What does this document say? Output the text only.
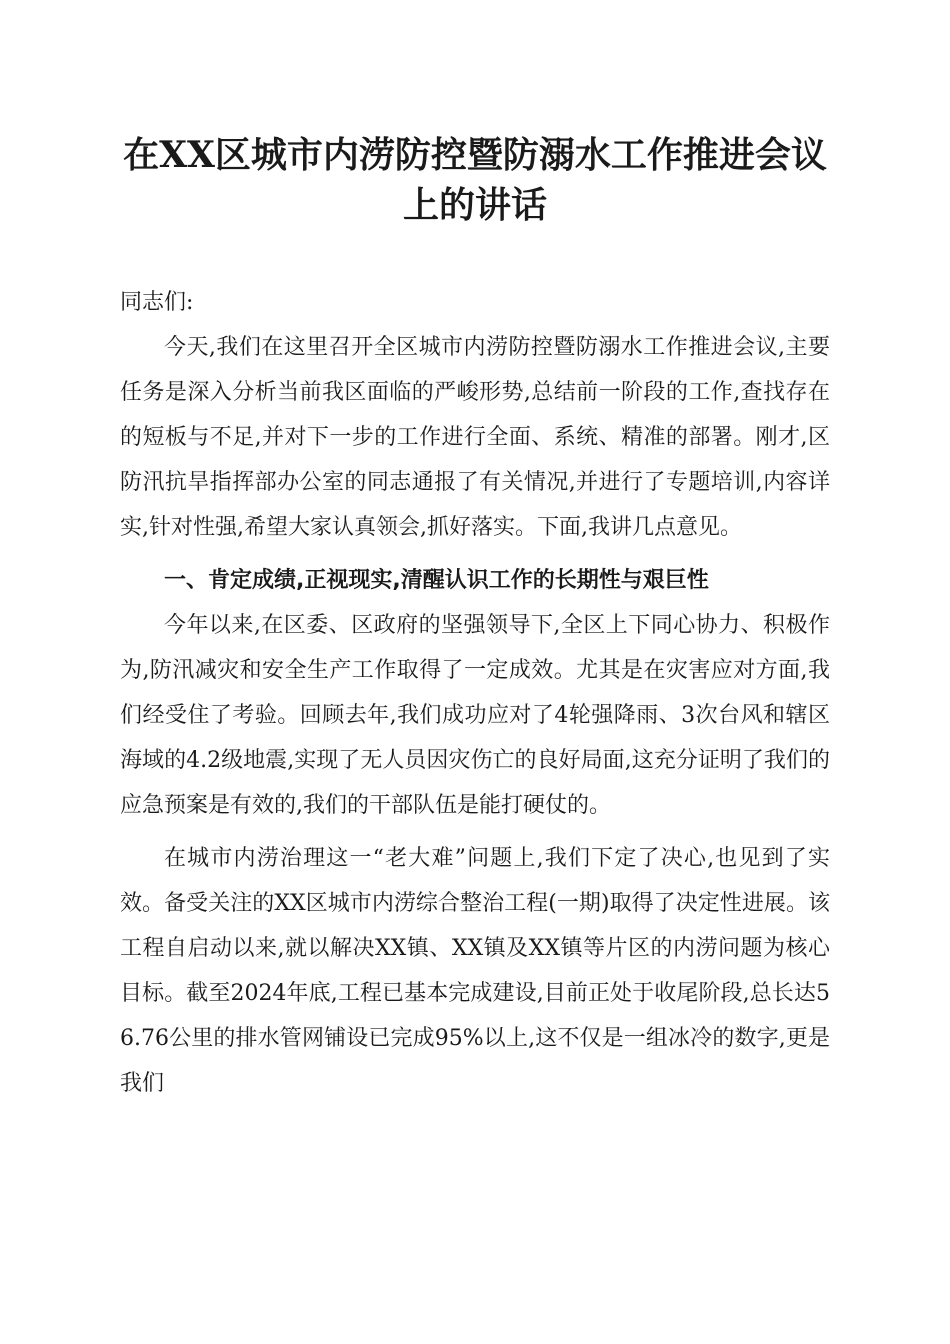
在XX区城市内涝防控暨防溺水工作推进会议
上的讲话

同志们:

今天,我们在这里召开全区城市内涝防控暨防溺水工作推进会议,主要任务是深入分析当前我区面临的严峻形势,总结前一阶段的工作,查找存在的短板与不足,并对下一步的工作进行全面、系统、精准的部署。刚才,区防汛抗旱指挥部办公室的同志通报了有关情况,并进行了专题培训,内容详实,针对性强,希望大家认真领会,抓好落实。下面,我讲几点意见。

一、肯定成绩,正视现实,清醒认识工作的长期性与艰巨性

今年以来,在区委、区政府的坚强领导下,全区上下同心协力、积极作为,防汛减灾和安全生产工作取得了一定成效。尤其是在灾害应对方面,我们经受住了考验。回顾去年,我们成功应对了4轮强降雨、3次台风和辖区海域的4.2级地震,实现了无人员因灾伤亡的良好局面,这充分证明了我们的应急预案是有效的,我们的干部队伍是能打硬仗的。

在城市内涝治理这一“老大难”问题上,我们下定了决心,也见到了实效。备受关注的XX区城市内涝综合整治工程(一期)取得了决定性进展。该工程自启动以来,就以解决XX镇、XX镇及XX镇等片区的内涝问题为核心目标。截至2024年底,工程已基本完成建设,目前正处于收尾阶段,总长达56.76公里的排水管网铺设已完成95%以上,这不仅是一组冰冷的数字,更是我们
